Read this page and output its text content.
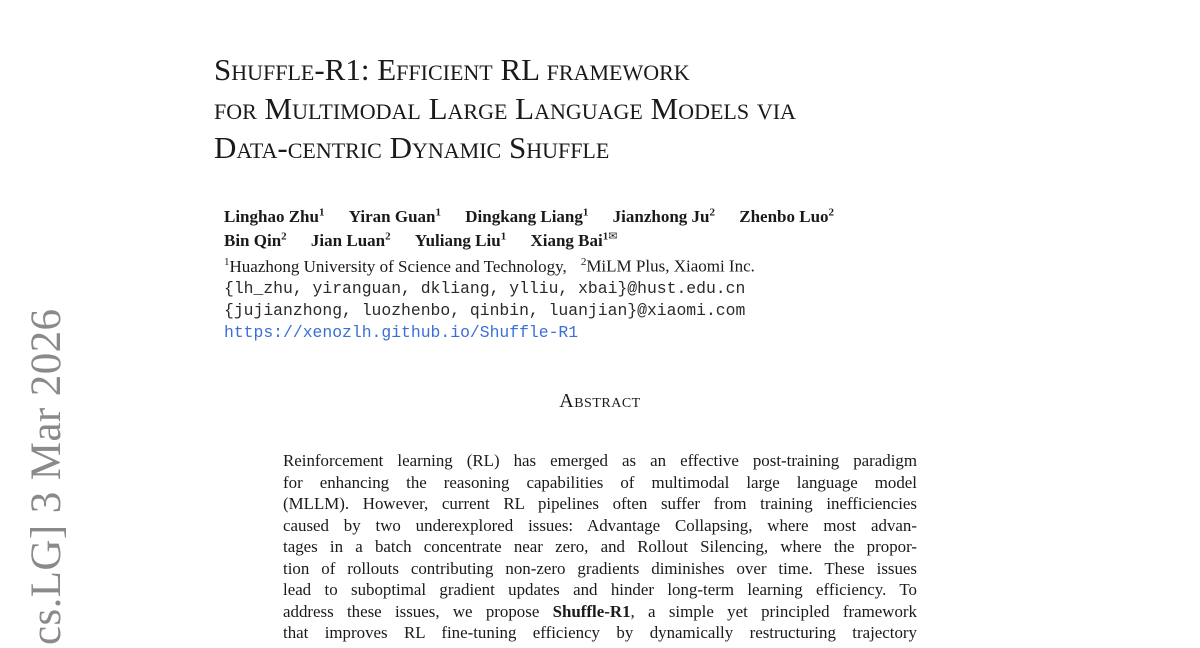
cs.LG] 3 Mar 2026
Shuffle-R1: Efficient RL framework
for Multimodal Large Language Models via
Data-centric Dynamic Shuffle
Linghao Zhu$^1$ Yiran Guan$^1$ Dingkang Liang$^1$ Jianzhong Ju$^2$ Zhenbo Luo$^2$
Bin Qin$^2$ Jian Luan$^2$ Yuliang Liu$^1$ Xiang Bai$^{1✉}$
$^1$Huazhong University of Science and Technology, $^2$MiLM Plus, Xiaomi Inc.
{lh_zhu, yiranguan, dkliang, ylliu, xbai}@hust.edu.cn
{jujianzhong, luozhenbo, qinbin, luanjian}@xiaomi.com
https://xenozlh.github.io/Shuffle-R1
Abstract
Reinforcement learning (RL) has emerged as an effective post-training paradigm
for enhancing the reasoning capabilities of multimodal large language model
(MLLM). However, current RL pipelines often suffer from training inefficiencies
caused by two underexplored issues: Advantage Collapsing, where most advan-
tages in a batch concentrate near zero, and Rollout Silencing, where the propor-
tion of rollouts contributing non-zero gradients diminishes over time. These issues
lead to suboptimal gradient updates and hinder long-term learning efficiency. To
address these issues, we propose Shuffle-R1, a simple yet principled framework
that improves RL fine-tuning efficiency by dynamically restructuring trajectory
